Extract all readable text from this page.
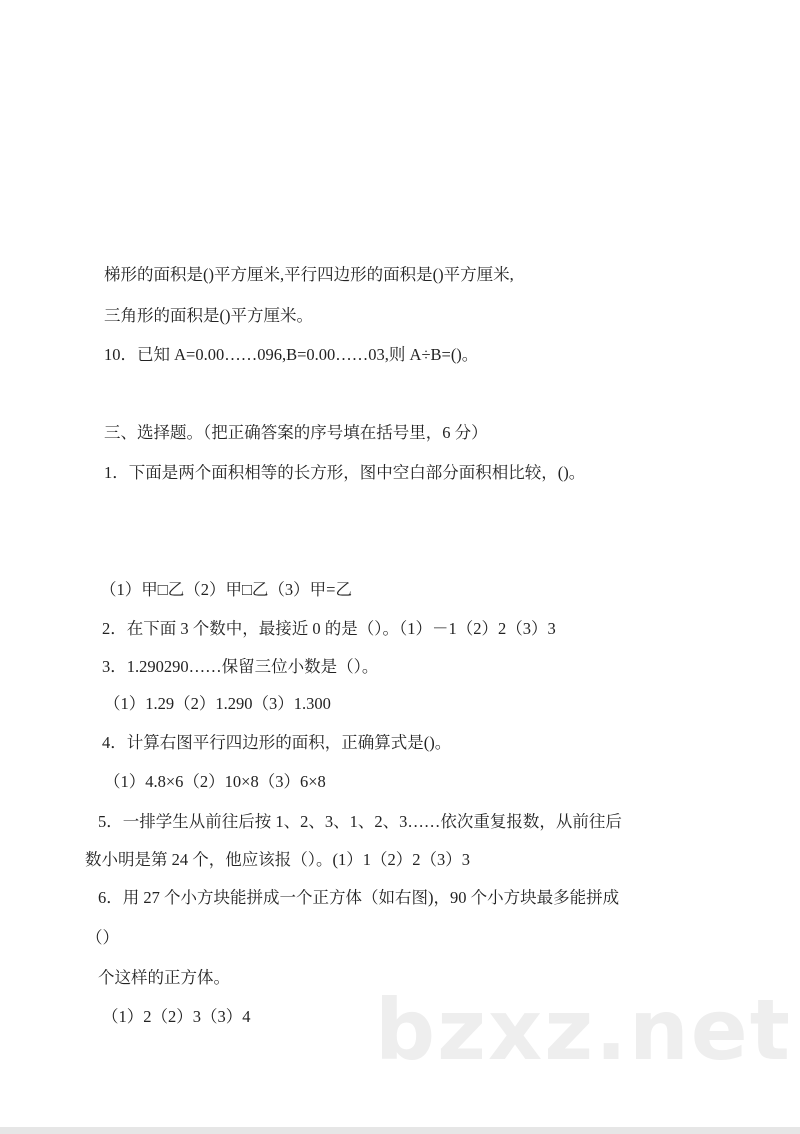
梯形的面积是()平方厘米,平行四边形的面积是()平方厘米,
三角形的面积是()平方厘米。
10．已知 A=0.00……096,B=0.00……03,则 A÷B=()。
三、选择题。（把正确答案的序号填在括号里，6 分）
1．下面是两个面积相等的长方形，图中空白部分面积相比较，()。
（1）甲□乙（2）甲□乙（3）甲=乙
2．在下面 3 个数中，最接近 0 的是（）。（1）－1（2）2（3）3
3．1.290290……保留三位小数是（）。
（1）1.29（2）1.290（3）1.300
4．计算右图平行四边形的面积，正确算式是()。
（1）4.8×6（2）10×8（3）6×8
5．一排学生从前往后按 1、2、3、1、2、3……依次重复报数，从前往后
数小明是第 24 个，他应该报（）。(1）1（2）2（3）3
6．用 27 个小方块能拼成一个正方体（如右图)，90 个小方块最多能拼成
（）
个这样的正方体。
（1）2（2）3（3）4 bzxz.net
